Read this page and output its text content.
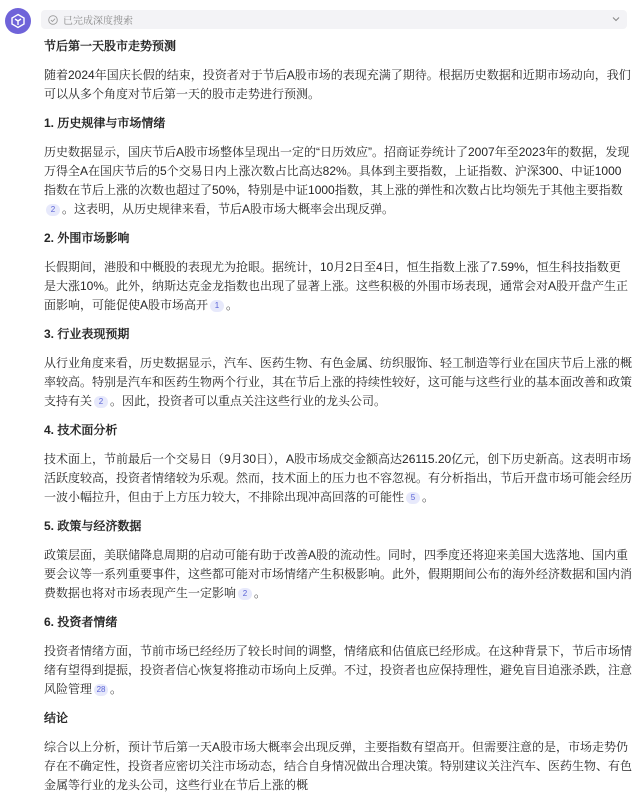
已完成深度搜索
节后第一天股市走势预测
随着2024年国庆长假的结束，投资者对于节后A股市场的表现充满了期待。根据历史数据和近期市场动向，我们可以从多个角度对节后第一天的股市走势进行预测。
1. 历史规律与市场情绪
历史数据显示，国庆节后A股市场整体呈现出一定的“日历效应”。招商证券统计了2007年至2023年的数据，发现万得全A在国庆节后的5个交易日内上涨次数占比高达82%。具体到主要指数，上证指数、沪深300、中证1000指数在节后上涨的次数也超过了50%，特别是中证1000指数，其上涨的弹性和次数占比均领先于其他主要指数2 。这表明，从历史规律来看，节后A股市场大概率会出现反弹。
2. 外围市场影响
长假期间，港股和中概股的表现尤为抢眼。据统计，10月2日至4日，恒生指数上涨了7.59%，恒生科技指数更是大涨10%。此外，纳斯达克金龙指数也出现了显著上涨。这些积极的外围市场表现，通常会对A股开盘产生正面影响，可能促使A股市场高开 1 。
3. 行业表现预期
从行业角度来看，历史数据显示，汽车、医药生物、有色金属、纺织服饰、轻工制造等行业在国庆节后上涨的概率较高。特别是汽车和医药生物两个行业，其在节后上涨的持续性较好，这可能与这些行业的基本面改善和政策支持有关 2 。因此，投资者可以重点关注这些行业的龙头公司。
4. 技术面分析
技术面上，节前最后一个交易日（9月30日），A股市场成交金额高达26115.20亿元，创下历史新高。这表明市场活跃度较高，投资者情绪较为乐观。然而，技术面上的压力也不容忽视。有分析指出，节后开盘市场可能会经历一波小幅拉升，但由于上方压力较大，不排除出现冲高回落的可能性 5 。
5. 政策与经济数据
政策层面，美联储降息周期的启动可能有助于改善A股的流动性。同时，四季度还将迎来美国大选落地、国内重要会议等一系列重要事件，这些都可能对市场情绪产生积极影响。此外，假期期间公布的海外经济数据和国内消费数据也将对市场表现产生一定影响 2 。
6. 投资者情绪
投资者情绪方面，节前市场已经经历了较长时间的调整，情绪底和估值底已经形成。在这种背景下，节后市场情绪有望得到提振，投资者信心恢复将推动市场向上反弹。不过，投资者也应保持理性，避免盲目追涨杀跌，注意风险管理 28 。
结论
综合以上分析，预计节后第一天A股市场大概率会出现反弹，主要指数有望高开。但需要注意的是，市场走势仍存在不确定性，投资者应密切关注市场动态，结合自身情况做出合理决策。特别建议关注汽车、医药生物、有色金属等行业的龙头公司，这些行业在节后上涨的概
